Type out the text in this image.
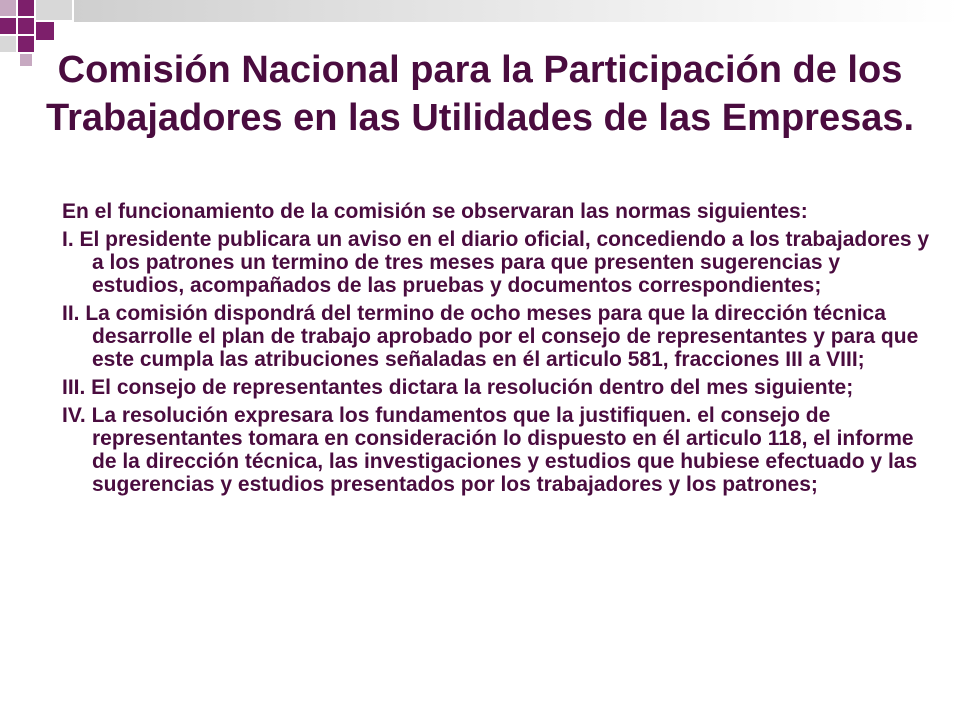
Comisión Nacional para la Participación de los Trabajadores en las Utilidades de las Empresas.
En el funcionamiento de la comisión se observaran las normas siguientes:
I. El presidente publicara un aviso en el diario oficial, concediendo a los trabajadores y a los patrones un termino de tres meses para que presenten sugerencias y estudios, acompañados de las pruebas y documentos correspondientes;
II. La comisión dispondrá del termino de ocho meses para que la dirección técnica desarrolle el plan de trabajo aprobado por el consejo de representantes y para que este cumpla las atribuciones señaladas en él articulo 581, fracciones III a VIII;
III. El consejo de representantes dictara la resolución dentro del mes siguiente;
IV. La resolución expresara los fundamentos que la justifiquen. el consejo de representantes tomara en consideración lo dispuesto en él articulo 118, el informe de la dirección técnica, las investigaciones y estudios que hubiese efectuado y las sugerencias y estudios presentados por los trabajadores y los patrones;
